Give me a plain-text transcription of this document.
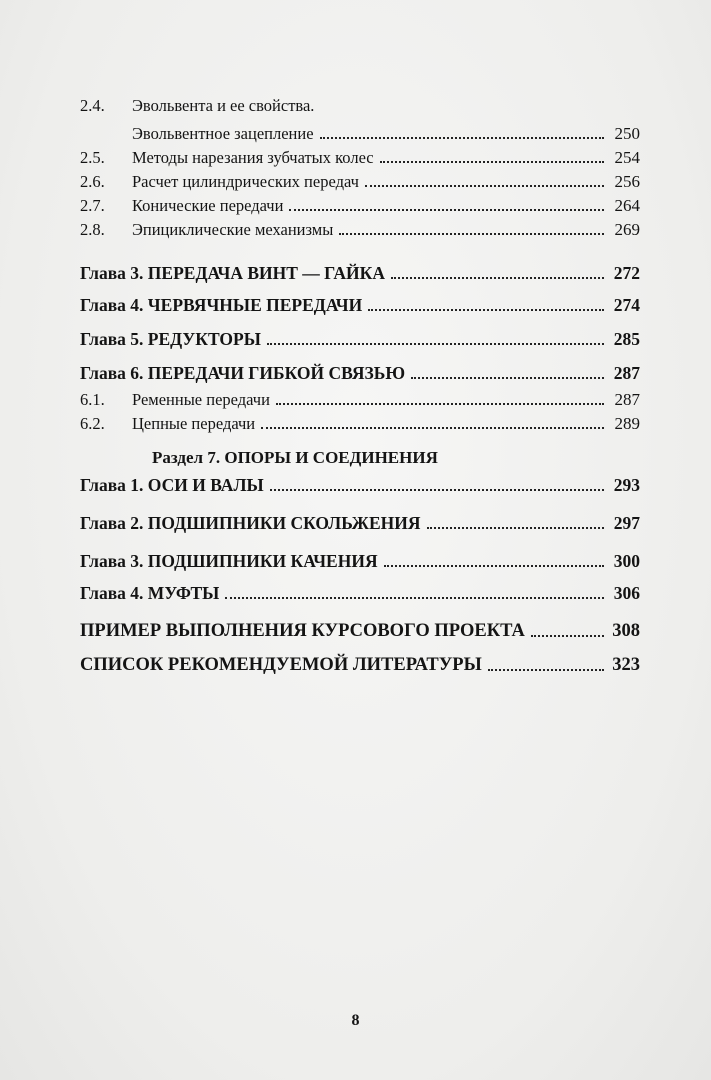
2.4.	Эвольвента и ее свойства.
Эвольвентное зацепление	250
2.5.	Методы нарезания зубчатых колес	254
2.6.	Расчет цилиндрических передач	256
2.7.	Конические передачи	264
2.8.	Эпициклические механизмы	269
Глава 3. ПЕРЕДАЧА ВИНТ — ГАЙКА	272
Глава 4. ЧЕРВЯЧНЫЕ ПЕРЕДАЧИ	274
Глава 5. РЕДУКТОРЫ	285
Глава 6. ПЕРЕДАЧИ ГИБКОЙ СВЯЗЬЮ	287
6.1.	Ременные передачи	287
6.2.	Цепные передачи	289
Раздел 7. ОПОРЫ И СОЕДИНЕНИЯ
Глава 1. ОСИ И ВАЛЫ	293
Глава 2. ПОДШИПНИКИ СКОЛЬЖЕНИЯ	297
Глава 3. ПОДШИПНИКИ КАЧЕНИЯ	300
Глава 4. МУФТЫ	306
ПРИМЕР ВЫПОЛНЕНИЯ КУРСОВОГО ПРОЕКТА	308
СПИСОК РЕКОМЕНДУЕМОЙ ЛИТЕРАТУРЫ	323
8
